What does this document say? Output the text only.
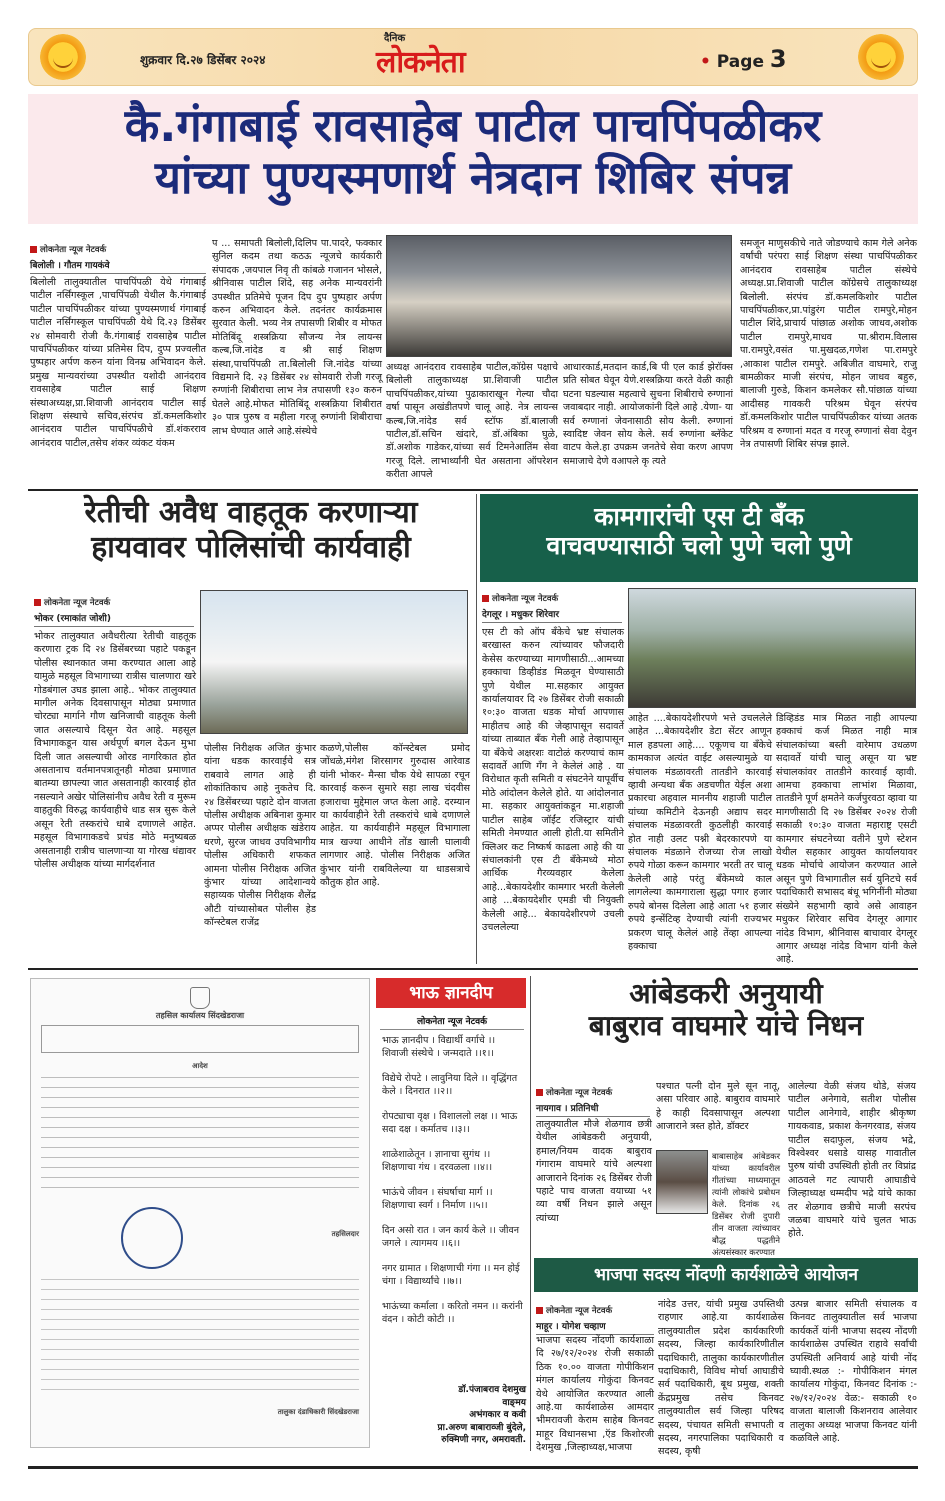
शुक्रवार दि.२७ डिसेंबर २०२४
दैनिक
लोकनेता	• Page 3
कै.गंगाबाई रावसाहेब पाटील पाचपिंपळीकर
यांच्या पुण्यस्मणार्थ नेत्रदान शिबिर संपन्न
लोकनेता न्यूज नेटवर्क
बिलोली । गौतम गायकंवे
बिलोली तालुक्यातील पाचपिंपळी येथे गंगाबाई पाटील नर्सिंगस्कूल ,पाचपिंपळी येथील कै.गंगाबाई पाटील पाचपिंपळीकर यांच्या पुण्यस्मणार्थ गंगाबाई पाटील नर्सिंगस्कूल पाचपिंपळी येथे दि.२३ डिसेंबर २४ सोमवारी रोजी कै.गंगाबाई रावसाहेब पाटील पाचपिंपळीकर यांच्या प्रतिमेस दिप, दुप्प प्रज्वलीत पुष्पहार अर्पण करुन यांना विनम्र अभिवादन केले. प्रमुख मान्यवरांच्या उपस्थीत यशोदी आनंदराव रावसाहेब पाटील साई शिक्षण संस्थाअध्यक्ष,प्रा.शिवाजी आनंदराव पाटील साई शिक्षण संस्थाचे सचिव,संरपंच डॉ.कमलकिशोर आनंदराव पाटील पाचपिंपळीचे डॉ.शंकरराव आनंदराव पाटील,तसेच शंकर व्यंकट यंकम
प ... समापती बिलोली,दिलिप पा.पादरे, फक्कार सुनिल कदम तथा कठऊ न्यूजचे कार्यकारी संपादक ,जयपाल निवृ ती कांबळे गजानन भोसले, श्रीनिवास पाटील शिंदे, सह अनेक मान्यवरांनी उपस्थीत प्रतिमेचे पूजन दिप दुप पुष्पहार अर्पण करुन अभिवादन केले. तदनंतर कार्यक्रमास सुरवात केली. भव्य नेत्र तपासणी शिबीर व मोफत मोतिबिंदू शस्त्रक्रिया सौजन्य नेत्र लायन्स कल्ब,जि.नांदेड व श्री साई शिक्षण संस्था,पाचपिंपळी ता.बिलोली जि.नांदेड यांच्या विद्यमाने दि. २३ डिसेंबर २४ सोमवारी रोजी गरजू रुग्णांनी शिबीराचा लाभ नेत्र तपासणी १३० करुन घेतले आहे.मोफत मोतिबिंदू शस्त्रक्रिया शिबीरात ३० पात्र पुरुष व महीला गरजू रुग्णांनी शिबीराचा लाभ घेण्यात आले आहे.संस्थेचे
अध्यक्ष आनंदराव रावसाहेब पाटील,कॉग्रेस पक्षाचे बिलोली तालुकाध्यक्ष प्रा.शिवाजी पाटील पाचपिंपळीकर,यांच्या पुढाकाराखून गेल्या चौदा वर्षा पासून अखंडीतपणे चालू आहे. नेत्र लायन्स कल्ब,जि.नांदेड सर्व स्टॉफ डॉ.बालाजी पाटील,डॉ.सचिन खंदारे, डॉ.अंबिका घुळे, डॉ.अशोक गाडेकर,यांच्या सर्व टिमनेआतिंम सेवा गरजू दिले. लाभार्थ्यांनी घेत असताना ऑपरेशन करीता आपले
आधारकार्ड,मतदान कार्ड,बि पी एल कार्ड झेरॉक्स प्रति सोबत घेवून येणे.शस्त्रक्रिया करते वेळी काही घटना घडल्यास महत्वाचे सुचना शिबीराचे रुग्णानां जवाबदार नाही. आयोजकांनी दिले आहे .येणा- या सर्व रुग्णानां जेवनासाठी सोय केली. रुग्णानां स्वादिष्ट जेवन सोय केले. सर्व रुग्णांना ब्लॅकेट वाटप केले.हा उपक्रम जनतेचे सेवा करण आपण समाजाचे देणे वआपले कृ त्यते
समजून माणुसकीचे नाते जोडण्याचे काम गेले अनेक वर्षांची परंपरा साई शिक्षण संस्था पाचपिंपळीकर आनंदराव रावसाहेब पाटील संस्थेचे अध्यक्ष.प्रा.शिवाजी पाटील कॉग्रेसचे तालुकाध्यक्ष बिलोली. संरपंच डॉ.कमलकिशोर पाटील पाचपिंपळीकर,प्रा.पांडुरंग पाटील रामपुरे,मोहन पाटील शिंदे,प्राचार्य पांछाळ अशोक जाधव,अशोक पाटील रामपुरे,माधव पा.श्रीराम.विलास पा.रामपुरे,वसंत पा.मुखदळ,गणेश पा.रामपुरे ,आकाश पाटील रामपुरे. अबिजीत वाघमारे, राजु बामळीकर माजी संरपंच, मोहन जाधव बहुरु, बालाजी गुरुडे, किशन कमलेकर सौ.पांछाळ यांच्या आदीसह गावकरी परिश्रम घेवून संरपंच डॉ.कमलकिशोर पाटील पाचपिंपळीकर यांच्या अतक परिश्रम व रुग्णानां मदत व गरजू रुग्णानां सेवा देवुन नेत्र तपासणी शिबिर संपन्न झाले.
रेतीची अवैध वाहतूक करणाऱ्या
हायवावर पोलिसांची कार्यवाही
लोकनेता न्यूज नेटवर्क
भोकर (रमाकांत जोशी)
भोकर तालुक्यात अवैधरीत्या रेतीची वाहतूक करणारा ट्रक दि २४ डिसेंबरच्या पहाटे पकडून पोलीस स्थानकात जमा करण्यात आला आहे यामुळे महसूल विभागाच्या रात्रीस चालणारा खरे गोडबंगाल उघड झाला आहे.. भोकर तालुक्यात मागील अनेक दिवसापासून मोठ्या प्रमाणात चोरट्या मार्गाने गौण खनिजाची वाहतूक केली जात असल्याचे दिसून येत आहे. महसूल विभागाकडून यास अर्थपूर्ण बगल देऊन मुभा दिली जात असल्याची ओरड नागरिकात होत असतानाच वर्तमानपत्रातूनही मोठ्या प्रमाणात बातम्या छापल्या जात असतानाही कारवाई होत नसल्याने अखेर पोलिसांनीच अवैध रेती व मुरूम वाहतुकी विरुद्ध कार्यवाहीचे धाड सत्र सुरू केले असून रेती तस्करांचे धाबे दणाणले आहेत. महसूल विभागाकडचे प्रचंड मोठे मनुष्यबळ असतानाही रात्रीच चालणाऱ्या या गोरख धंद्यावर पोलीस अधीक्षक यांच्या मार्गदर्शनात
पोलीस निरीक्षक अजित कुंभार यांना धडक कारवाईचे सत्र राबवावे लागत आहे ही शोकांतिकाच आहे नुकतेच दि. २४ डिसेंबरच्या पहाटे दोन वाजता पोलीस अधीक्षक अबिनाश कुमार अप्पर पोलीस अधीक्षक खंडेराय धरणे, सुरज जाधव उपविभागीय पोलीस अधिकारी शफकत आमना पोलीस निरीक्षक अजित कुंभार यांच्या आदेशान्वये सहाय्यक पोलीस निरीक्षक शैलेंद्र औटी यांच्यासोबत पोलीस हेड कॉन्स्टेबल राजेंद्र
कळणे,पोलीस कॉन्स्टेबल प्रमोद जोंधळे,मंगेश शिरसागर गुरुदास आरेवाड यांनी भोकर- मैन्सा चौक येथे सापळा रचून कारवाई करून सुमारे सहा लाख चंदवीस हजाराचा मुद्देमाल जप्त केला आहे. दरम्यान या कार्यवाहीने रेती तस्करांचे धाबे दणाणले आहेत. या कार्यवाहीने महसूल विभागाला मात्र खज्या आधीने तोंड खाली घालावी लागणार आहे. पोलीस निरीक्षक अजित कुंभार यांनी राबविलेल्या या धाडसत्राचे कौतुक होत आहे.
कामगारांची एस टी बँक
वाचवण्यासाठी चलो पुणे चलो पुणे
लोकनेता न्यूज नेटवर्क
देगलूर । मधुकर शिरेवार
एस टी को ऑप बँकेचे भ्रष्ट संचालक बरखास्त करुन त्यांच्यावर फौजदारी केसेस करण्याच्या मागणीसाठी...आमच्या हक्काचा डिव्हीडंड मिळवून घेण्यासाठी पुणे येथील मा.सहकार आयुक्त कार्यालयावर दि २७ डिसेंबर रोजी सकाळी १०:३० वाजता धडक मोर्चा आपणास माहीतच आहे की जेव्हापासून सदावर्ते यांच्या ताब्यात बँक गेली आहे तेव्हापासून या बँकेचे अक्षरशः वाटोळं करण्याचं काम सदावर्ते आणि गँग ने केलेलं आहे . या विरोधात कृती समिती व संघटनेने यापूर्वीच मोठे आंदोलन केलेले होते. या आंदोलनात मा. सहकार आयुक्तांकडून मा.शहाजी पाटील साहेब जॉईंट रजिस्ट्रार यांची समिती नेमण्यात आली होती.या समितीने क्लिअर कट निष्कर्ष काढला आहे की या संचालकांनी एस टी बँकेमध्ये मोठा आर्थिक गैरव्यवहार केलेला आहे...बेकायदेशीर कामगार भरती केलेली आहे ...बेकायदेशीर एमडी ची नियुक्ती केलेली आहे... बेकायदेशीरपणे उचली उचललेल्या
आहेत ....बेकायदेशीरपणे भत्ते उचललेले आहेत ...बेकायदेशीर डेटा सेंटर आणून माल हडपला आहे.... एकूणच या बँकेचे कामकाज अत्यंत वाईट असल्यामुळे या संचालक मंडळावरती तातडीने कारवाई व्हावी अन्यथा बँक अडचणीत येईल अशा प्रकारचा अहवाल माननीय शहाजी पाटील यांच्या कमिटीने देऊनही अद्याप सदर संचालक मंडळावरती कुठलीही कारवाई होत नाही उलट पश्नी बेदरकारपणे या संचालक मंडळाने रोजच्या रोज लाखो रुपये गोळा करून कामगार भरती तर चालू केलेली आहे परंतु बँकेमध्ये काल लागलेल्या कामगाराला सुद्धा पगार हजार रुपये बोनस दिलेला आहे आता ५१ हजार रुपये इन्सेंटिव्ह देण्याची त्यांनी राज्यभर प्रकरण चालू केलेलं आहे तेंव्हा आपल्या हक्काचा
डिव्हिडंड मात्र मिळत नाही आपल्या हक्काचं कर्ज मिळत नाही मात्र संचालकांच्या बस्ती वारेमाप उधळण सदावर्ते यांची चालू असून या भ्रष्ट संचालकांवर तातडीने कारवाई व्हावी. आमचा हक्काचा लाभांश मिळावा, तातडीने पूर्ण क्षमतेने कर्जपुरवठा व्हावा या मागणीसाठी दि २७ डिसेंबर २०२४ रोजी सकाळी १०:३० वाजता महाराष्ट्र एसटी कामगार संघटनेच्या वतीने पुणे स्टेशन येथील सहकार आयुक्त कार्यालयावर धडक मोर्चाचे आयोजन करण्यात आले असून पुणे विभागातील सर्व युनिटचे सर्व पदाधिकारी सभासद बंधू भगिनींनी मोठ्या संख्येने सहभागी व्हावे असे आवाहन मधुकर शिरेवार सचिव देगलूर आगार नांदेड विभाग, श्रीनिवास बाचावार देगलूर आगार अध्यक्ष नांदेड विभाग यांनी केले आहे.
तहसिल कार्यालय सिंदखेडराजा
आदेश
तहसिलदार
तालुका दंडाधिकारी सिंदखेडराजा
भाऊ ज्ञानदीप
लोकनेता न्यूज नेटवर्क

भाऊ ज्ञानदीप । विद्यार्थी वर्गाचे ।। शिवाजी संस्थेचे । जन्मदाते ।।१।।

विद्येचे रोपटे । लावुनिया दिले ।। वृद्धिंगत केले । दिनरात ।।२।।

रोपट्याचा वृक्ष । विशाललो लक्ष ।। भाऊ सदा दक्ष । कर्मातच ।।३।।

शाळेशाळेतून । ज्ञानाचा सुगंध ।। शिक्षणाचा गंध । दरवळला ।।४।।

भाऊंचे जीवन । संघर्षाचा मार्ग ।। शिक्षणाचा स्वर्ग । निर्माण ।।५।।

दिन असो रात । जन कार्य केले ।। जीवन जगले । त्यागमय ।।६।।

नगर ग्रामात । शिक्षणाची गंगा ।। मन होई चंगा । विद्यार्थ्यांचे ।।७।।

भाऊंच्या कर्माला । करितो नमन ।। करांनी वंदन । कोटी कोटी ।।

डॉ.पंजाबराव देशमुख
वाङ्‌मय
अभंगकार व कवी
प्रा.अरुण बाबाराव्जी बुंदेले,
रुक्मिणी नगर, अमरावती.
आंबेडकरी अनुयायी
बाबुराव वाघमारे यांचे निधन
लोकनेता न्यूज नेटवर्क
नायगाव । प्रतिनिधी
तालुक्यातील मौजे शेळगाव छत्री येथील आंबेडकरी अनुयायी, हमाल/नियम वादक बाबुराव गंगाराम वाघमारे यांचे अल्पशा आजाराने दिनांक २६ डिसेंबर रोजी पहाटे पाच वाजता वयाच्या ५१ व्या वर्षी निधन झाले असून त्यांच्या
पश्चात पत्नी दोन मुले सून नातू, असा परिवार आहे. बाबुराव वाघमारे हे काही दिवसापासून अल्पशा आजाराने त्रस्त होते, डॉक्टर
बाबासाहेब आंबेडकर यांच्या कार्यावरील गीतांच्या माध्यमातून त्यांनी लोकांचे प्रबोधन केले. दिनांक २६ डिसेंबर रोजी दुपारी तीन वाजता त्यांच्यावर बौद्ध पद्धतीने अंत्यसंस्कार करण्यात
आलेल्या वेळी संजय थोडे, संजय पाटील अनेगावे, सतीश पोलीस पाटील आनेगावे, शाहीर श्रीकृष्ण गायकवाड, प्रकाश केनगरवाड, संजय पाटील सदाफुल, संजय भद्रे, विश्वेश्वर धसाडे यासह गावातील पुरुष यांची उपस्थिती होती तर विप्रांद्र आठवले गट त्यापारी आघाडीचे जिल्हाध्यक्ष धम्मदीप भद्रे यांचे काका तर शेळगाव छत्रीचे माजी सरपंच जळबा वाघमारे यांचे चुलत भाऊ होते.
भाजपा सदस्य नोंदणी कार्यशाळेचे आयोजन
लोकनेता न्यूज नेटवर्क
माहूर । योगेश चव्हाण
भाजपा सदस्य नोंदणी कार्यशाळा दि २७/१२/२०२४ रोजी सकाळी ठिक १०.०० वाजता गोपीकिशन मंगल कार्यालय गोकुंदा किनवट येथे आयोजित करण्यात आली आहे.या कार्यशाळेस आमदार भीमरावजी केराम साहेब किनवट माहूर विधानसभा ,ऍड किशोरजी देशमुख ,जिल्हाध्यक्ष,भाजपा
नांदेड उत्तर, यांची प्रमुख उपस्तिथी राहणार आहे.या कार्यशाळेस तालुक्यातील प्रदेश कार्यकारिणी सदस्य, जिल्हा कार्यकारिणीतील पदाधिकारी, तालुका कार्यकारणीतील पदाधिकारी, विविध मोर्चा आघाडीचे सर्व पदाधिकारी, बूथ प्रमुख, शक्ती केंद्रप्रमुख तसेच किनवट तालुक्यातील सर्व जिल्हा परिषद सदस्य, पंचायत समिती सभापती व सदस्य, नगरपालिका पदाधिकारी व सदस्य, कृषी
उत्पन्न बाजार समिती संचालक व किनवट तालुक्यातील सर्व भाजपा कार्यकर्ते यांनी भाजपा सदस्य नोंदणी कार्यशाळेस उपस्थित राहावे सर्वांची उपस्थिती अनिवार्य आहे यांची नोंद घ्यावी.स्थळ :- गोपीकिशन मंगल कार्यालय गोकुंदा, किनवट दिनांक :- २७/१२/२०२४ वेळ:- सकाळी १० वाजता बालाजी किशनराव आलेवार तालुका अध्यक्ष भाजपा किनवट यांनी कळविले आहे.
